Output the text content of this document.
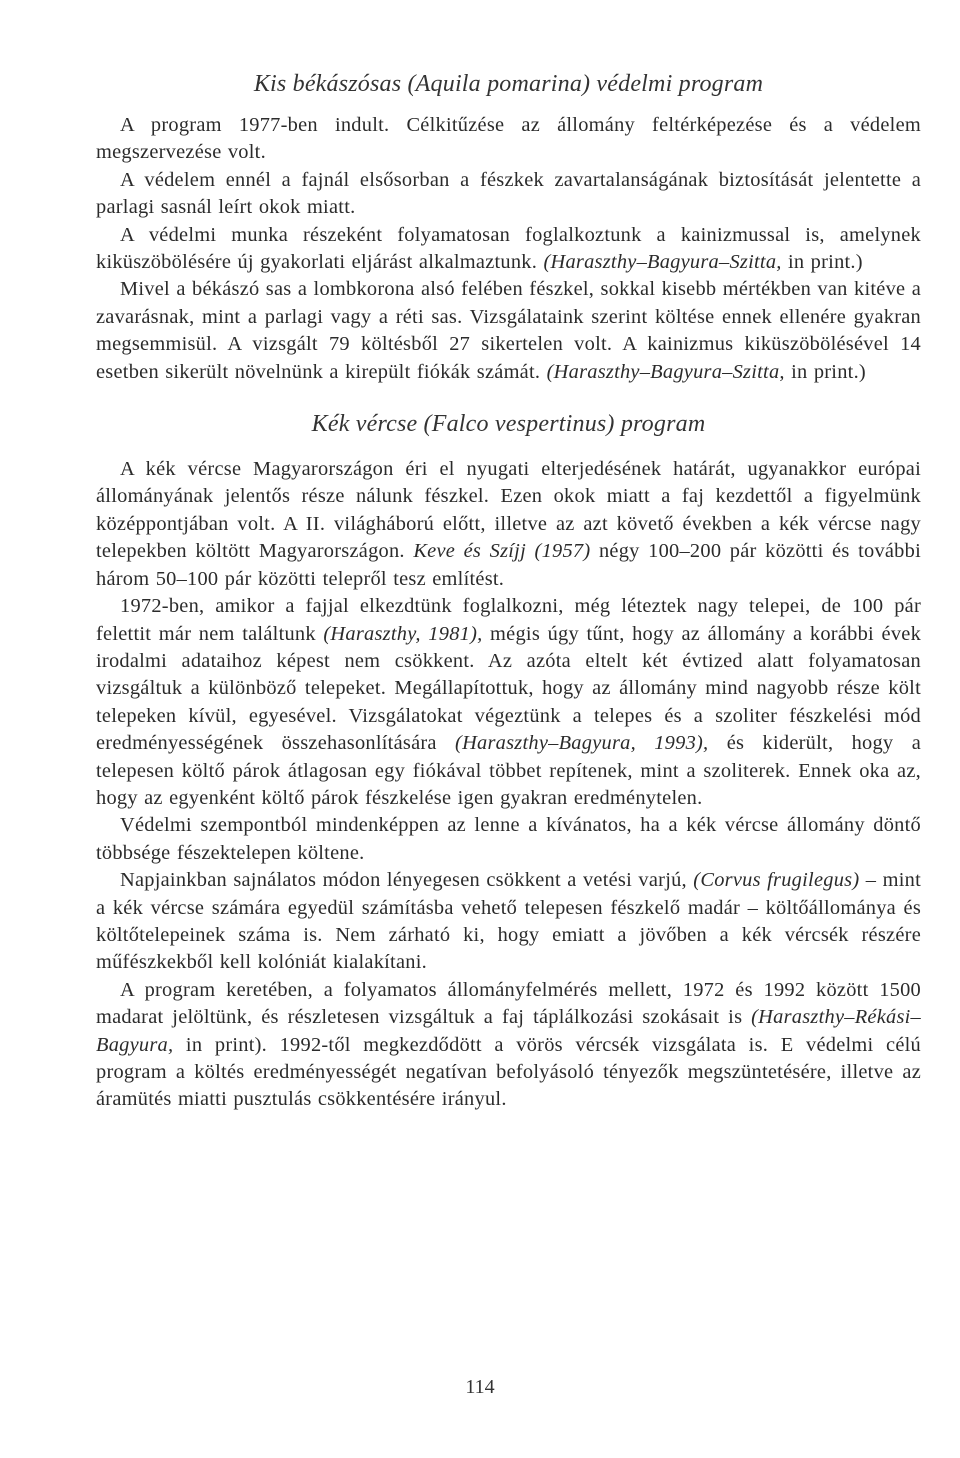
Kis békászósas (Aquila pomarina) védelmi program

A program 1977-ben indult. Célkitűzése az állomány feltérképezése és a védelem megszervezése volt.

A védelem ennél a fajnál elsősorban a fészkek zavartalanságának biztosítását jelentette a parlagi sasnál leírt okok miatt.

A védelmi munka részeként folyamatosan foglalkoztunk a kainizmussal is, amelynek kiküszöbölésére új gyakorlati eljárást alkalmaztunk. (Haraszthy–Bagyura–Szitta, in print.)

Mivel a békászó sas a lombkorona alsó felében fészkel, sokkal kisebb mértékben van kitéve a zavarásnak, mint a parlagi vagy a réti sas. Vizsgálataink szerint költése ennek ellenére gyakran megsemmisül. A vizsgált 79 költésből 27 sikertelen volt. A kainizmus kiküszöbölésével 14 esetben sikerült növelnünk a kirepült fiókák számát. (Haraszthy–Bagyura–Szitta, in print.)

Kék vércse (Falco vespertinus) program

A kék vércse Magyarországon éri el nyugati elterjedésének határát, ugyanakkor európai állományának jelentős része nálunk fészkel. Ezen okok miatt a faj kezdettől a figyelmünk középpontjában volt. A II. világháború előtt, illetve az azt követő években a kék vércse nagy telepekben költött Magyarországon. Keve és Szíjj (1957) négy 100–200 pár közötti és további három 50–100 pár közötti telepről tesz említést.

1972-ben, amikor a fajjal elkezdtünk foglalkozni, még léteztek nagy telepei, de 100 pár felettit már nem találtunk (Haraszthy, 1981), mégis úgy tűnt, hogy az állomány a korábbi évek irodalmi adataihoz képest nem csökkent. Az azóta eltelt két évtized alatt folyamatosan vizsgáltuk a különböző telepeket. Megállapítottuk, hogy az állomány mind nagyobb része költ telepeken kívül, egyesével. Vizsgálatokat végeztünk a telepes és a szoliter fészkelési mód eredményességének összehasonlítására (Haraszthy–Bagyura, 1993), és kiderült, hogy a telepesen költő párok átlagosan egy fiókával többet repítenek, mint a szoliterek. Ennek oka az, hogy az egyenként költő párok fészkelése igen gyakran eredménytelen.

Védelmi szempontból mindenképpen az lenne a kívánatos, ha a kék vércse állomány döntő többsége fészektelepen költene.

Napjainkban sajnálatos módon lényegesen csökkent a vetési varjú, (Corvus frugilegus) – mint a kék vércse számára egyedül számításba vehető telepesen fészkelő madár – költőállománya és költőtelepeinek száma is. Nem zárható ki, hogy emiatt a jövőben a kék vércsék részére műfészkekből kell kolóniát kialakítani.

A program keretében, a folyamatos állományfelmérés mellett, 1972 és 1992 között 1500 madarat jelöltünk, és részletesen vizsgáltuk a faj táplálkozási szokásait is (Haraszthy–Rékási–Bagyura, in print). 1992-től megkezdődött a vörös vércsék vizsgálata is. E védelmi célú program a költés eredményességét negatívan befolyásoló tényezők megszüntetésére, illetve az áramütés miatti pusztulás csökkentésére irányul.

114
